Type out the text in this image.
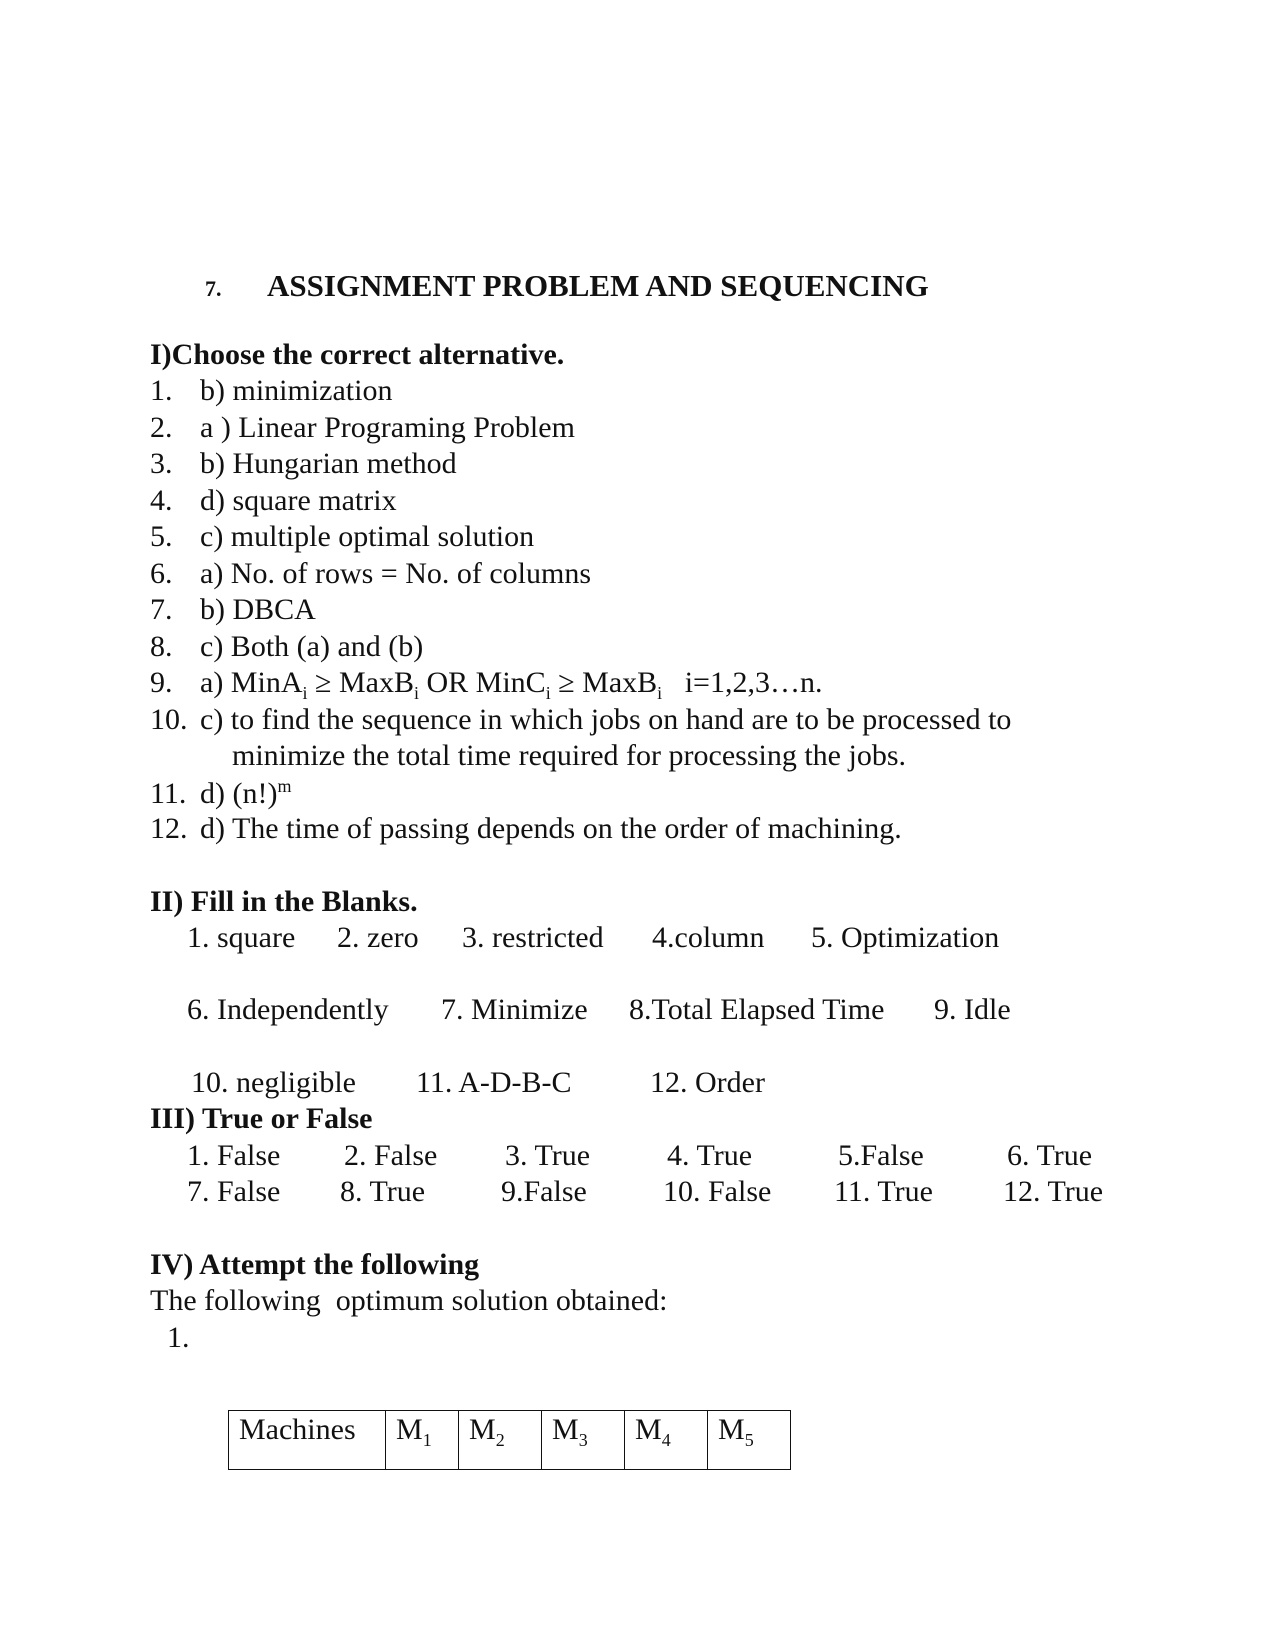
7. ASSIGNMENT PROBLEM AND SEQUENCING
I)Choose the correct alternative.
1. b) minimization
2. a ) Linear Programing Problem
3. b) Hungarian method
4. d) square matrix
5. c) multiple optimal solution
6. a) No. of rows = No. of columns
7. b) DBCA
8. c) Both (a) and (b)
9. a) MinA$_i$ ≥ MaxB$_i$ OR MinC$_i$ ≥ MaxB$_i$   i=1,2,3…n.
10. c) to find the sequence in which jobs on hand are to be processed to
minimize the total time required for processing the jobs.
11. d) $(n!)^m$
12. d) The time of passing depends on the order of machining.
II) Fill in the Blanks.
1. square 2. zero 3. restricted 4.column 5. Optimization
6. Independently 7. Minimize 8.Total Elapsed Time 9. Idle
10. negligible 11. A-D-B-C	12. Order
III) True or False
1. False 2. False 3. True	4. True	5.False	6. True
7. False 8. True	9.False	10. False 11. True 12. True
IV) Attempt the following
The following  optimum solution obtained:
1.
Machines	$M_1$	$M_2$	$M_3$	$M_4$	$M_5$
